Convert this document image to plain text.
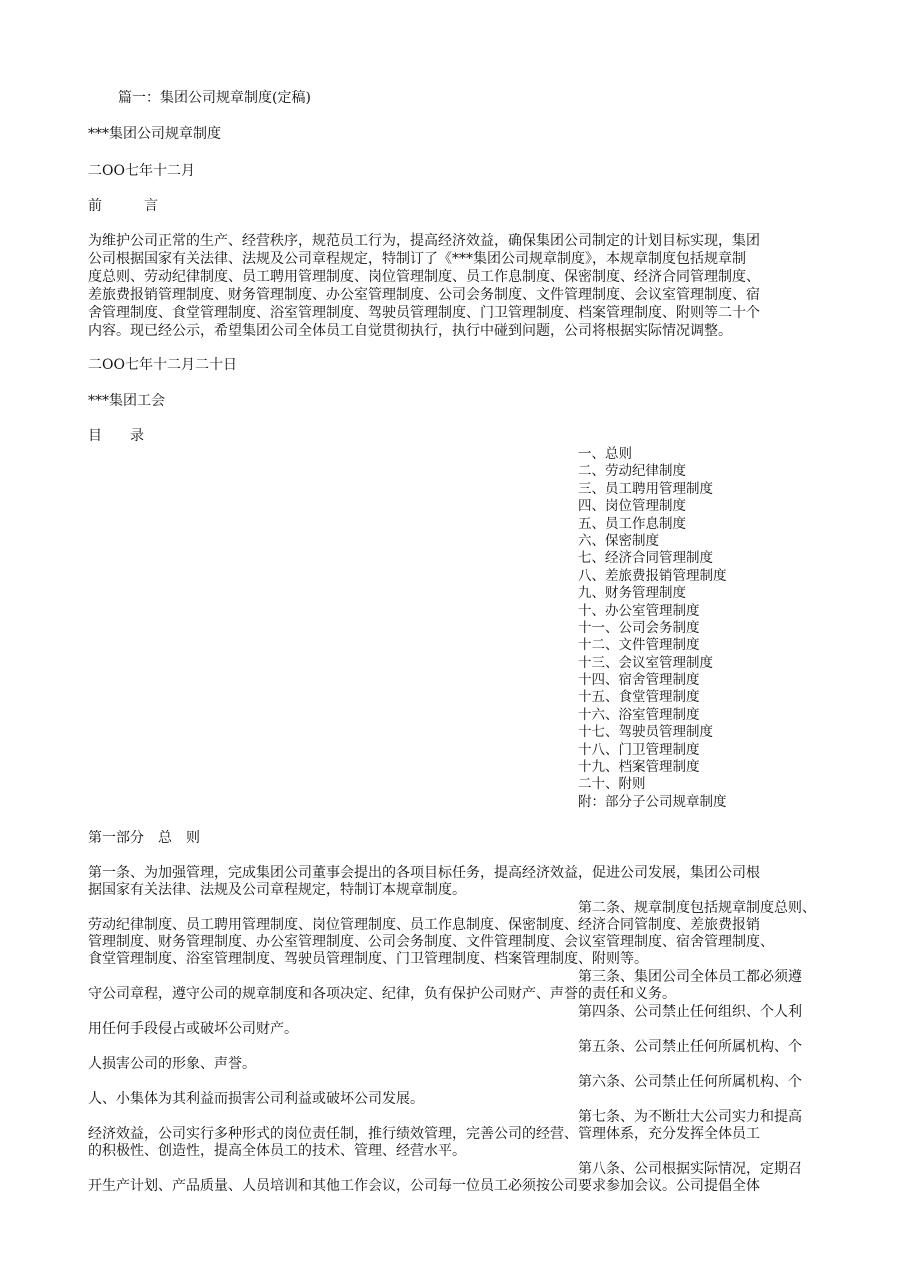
篇一：集团公司规章制度(定稿)
***集团公司规章制度
二OO七年十二月
前　　　言
为维护公司正常的生产、经营秩序，规范员工行为，提高经济效益，确保集团公司制定的计划目标实现，集团
公司根据国家有关法律、法规及公司章程规定，特制订了《***集团公司规章制度》，本规章制度包括规章制
度总则、劳动纪律制度、员工聘用管理制度、岗位管理制度、员工作息制度、保密制度、经济合同管理制度、
差旅费报销管理制度、财务管理制度、办公室管理制度、公司会务制度、文件管理制度、会议室管理制度、宿
舍管理制度、食堂管理制度、浴室管理制度、驾驶员管理制度、门卫管理制度、档案管理制度、附则等二十个
内容。现已经公示，希望集团公司全体员工自觉贯彻执行，执行中碰到问题，公司将根据实际情况调整。
二OO七年十二月二十日
***集团工会
目　　录
一、总则
二、劳动纪律制度
三、员工聘用管理制度
四、岗位管理制度
五、员工作息制度
六、保密制度
七、经济合同管理制度
八、差旅费报销管理制度
九、财务管理制度
十、办公室管理制度
十一、公司会务制度
十二、文件管理制度
十三、会议室管理制度
十四、宿舍管理制度
十五、食堂管理制度
十六、浴室管理制度
十七、驾驶员管理制度
十八、门卫管理制度
十九、档案管理制度
二十、附则
附：部分子公司规章制度
第一部分　总　则
第一条、为加强管理，完成集团公司董事会提出的各项目标任务，提高经济效益，促进公司发展，集团公司根
据国家有关法律、法规及公司章程规定，特制订本规章制度。
第二条、规章制度包括规章制度总则、
劳动纪律制度、员工聘用管理制度、岗位管理制度、员工作息制度、保密制度、经济合同管制度、差旅费报销
管理制度、财务管理制度、办公室管理制度、公司会务制度、文件管理制度、会议室管理制度、宿舍管理制度、
食堂管理制度、浴室管理制度、驾驶员管理制度、门卫管理制度、档案管理制度、附则等。
第三条、集团公司全体员工都必须遵
守公司章程，遵守公司的规章制度和各项决定、纪律，负有保护公司财产、声誉的责任和义务。
第四条、公司禁止任何组织、个人利
用任何手段侵占或破坏公司财产。
第五条、公司禁止任何所属机构、个
人损害公司的形象、声誉。
第六条、公司禁止任何所属机构、个
人、小集体为其利益而损害公司利益或破坏公司发展。
第七条、为不断壮大公司实力和提高
经济效益，公司实行多种形式的岗位责任制，推行绩效管理，完善公司的经营、管理体系，充分发挥全体员工
的积极性、创造性，提高全体员工的技术、管理、经营水平。
第八条、公司根据实际情况，定期召
开生产计划、产品质量、人员培训和其他工作会议，公司每一位员工必须按公司要求参加会议。公司提倡全体
